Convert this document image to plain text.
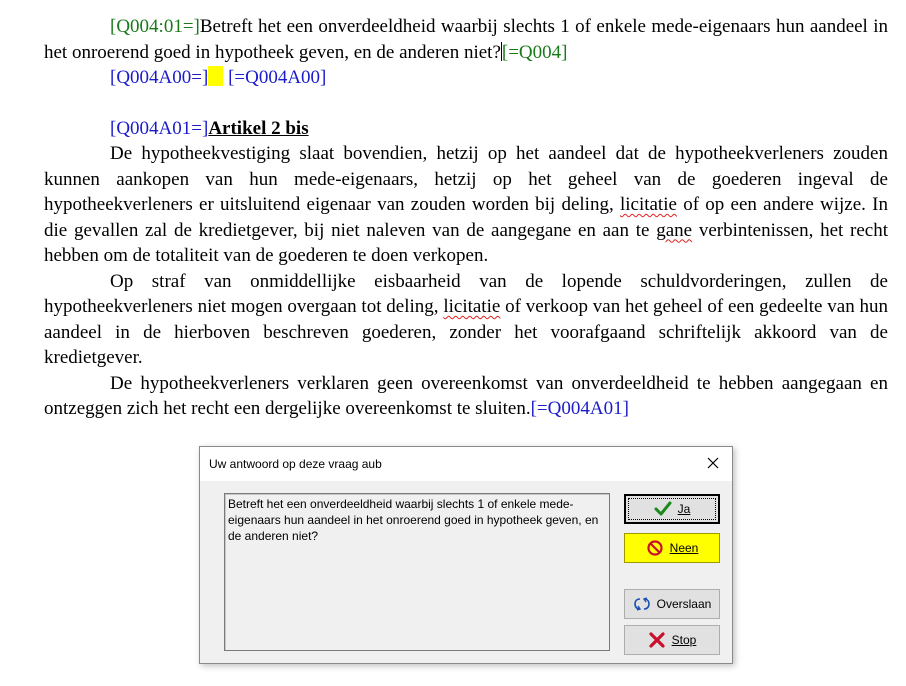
[Q004:01=]Betreft het een onverdeeldheid waarbij slechts 1 of enkele mede-eigenaars hun aandeel in het onroerend goed in hypotheek geven, en de anderen niet?[=Q004]

[Q004A00=] [=Q004A00]

[Q004A01=]Artikel 2 bis

De hypotheekvestiging slaat bovendien, hetzij op het aandeel dat de hypotheekverleners zouden kunnen aankopen van hun mede-eigenaars, hetzij op het geheel van de goederen ingeval de hypotheekverleners er uitsluitend eigenaar van zouden worden bij deling, licitatie of op een andere wijze. In die gevallen zal de kredietgever, bij niet naleven van de aangegane en aan te gane verbintenissen, het recht hebben om de totaliteit van de goederen te doen verkopen.

Op straf van onmiddellijke eisbaarheid van de lopende schuldvorderingen, zullen de hypotheekverleners niet mogen overgaan tot deling, licitatie of verkoop van het geheel of een gedeelte van hun aandeel in de hierboven beschreven goederen, zonder het voorafgaand schriftelijk akkoord van de kredietgever.

De hypotheekverleners verklaren geen overeenkomst van onverdeeldheid te hebben aangegaan en ontzeggen zich het recht een dergelijke overeenkomst te sluiten.[=Q004A01]

Uw antwoord op deze vraag aub
Betreft het een onverdeeldheid waarbij slechts 1 of enkele mede-eigenaars hun aandeel in het onroerend goed in hypotheek geven, en de anderen niet?
Ja
Neen
Overslaan
Stop
